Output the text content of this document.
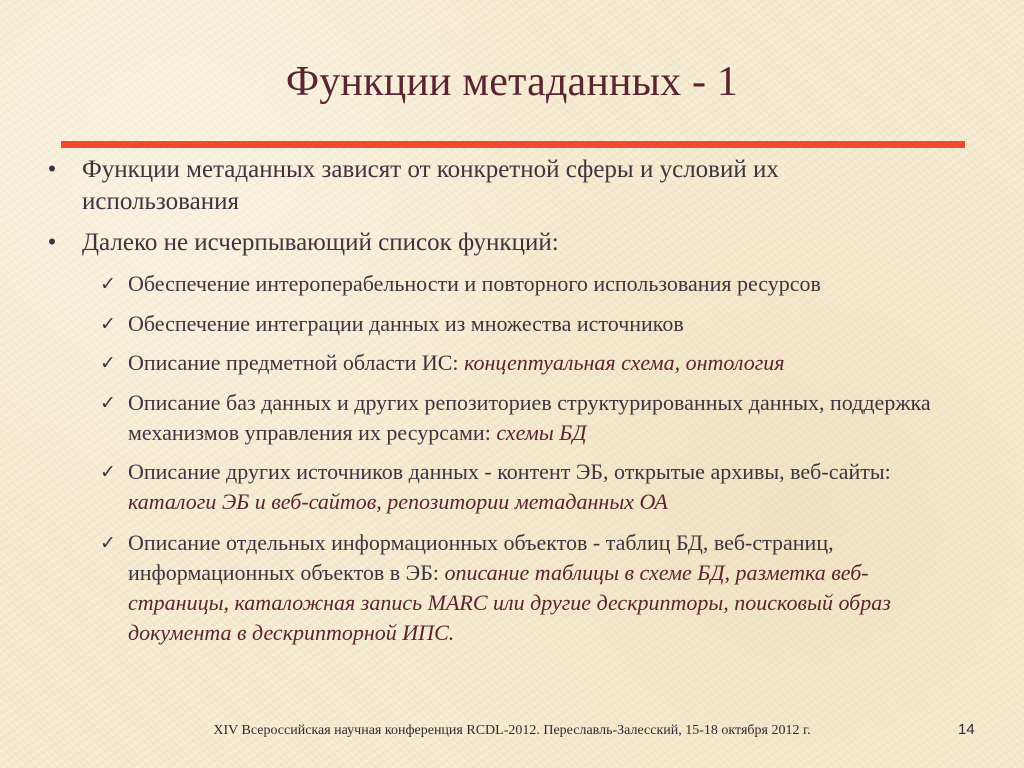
Функции метаданных - 1
• Функции метаданных зависят от конкретной сферы и условий их использования
• Далеко не исчерпывающий список функций:
✓ Обеспечение интероперабельности и повторного использования ресурсов
✓ Обеспечение интеграции данных из множества источников
✓ Описание предметной области ИС: концептуальная схема, онтология
✓ Описание баз данных и других репозиториев структурированных данных, поддержка механизмов управления их ресурсами: схемы БД
✓ Описание других источников данных - контент ЭБ, открытые архивы, веб-сайты: каталоги ЭБ и веб-сайтов, репозитории метаданных ОА
✓ Описание отдельных информационных объектов - таблиц БД, веб-страниц, информационных объектов в ЭБ: описание таблицы в схеме БД, разметка веб-страницы, каталожная запись MARC или другие дескрипторы, поисковый образ документа в дескрипторной ИПС.
XIV Всероссийская научная конференция RCDL-2012. Переславль-Залесский, 15-18 октября 2012 г.	14
